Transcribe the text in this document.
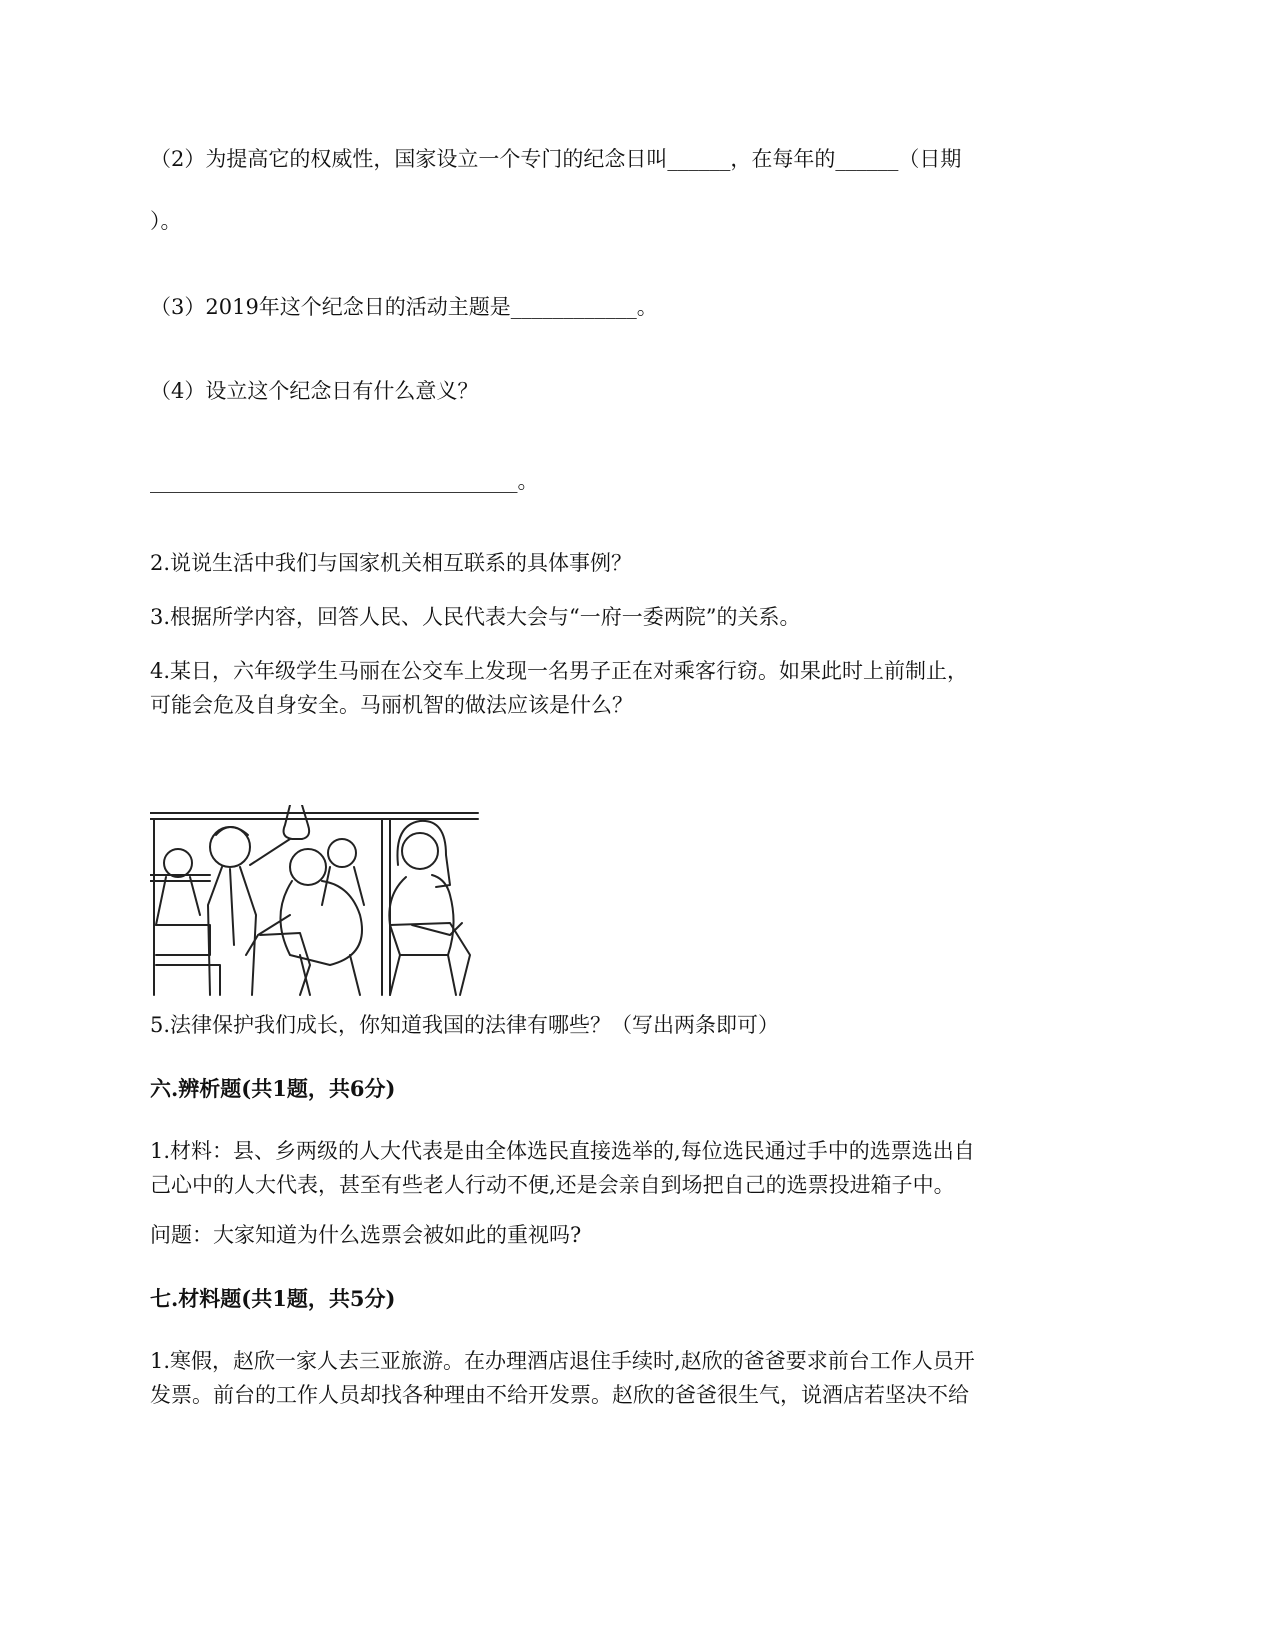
（2）为提高它的权威性，国家设立一个专门的纪念日叫______，在每年的______（日期
）。
（3）2019年这个纪念日的活动主题是____________。
（4）设立这个纪念日有什么意义？
___________________________________。
2.说说生活中我们与国家机关相互联系的具体事例？
3.根据所学内容，回答人民、人民代表大会与“一府一委两院”的关系。
4.某日，六年级学生马丽在公交车上发现一名男子正在对乘客行窃。如果此时上前制止，
可能会危及自身安全。马丽机智的做法应该是什么？
5.法律保护我们成长，你知道我国的法律有哪些？（写出两条即可）
六.辨析题(共1题，共6分)
1.材料：县、乡两级的人大代表是由全体选民直接选举的,每位选民通过手中的选票选出自
己心中的人大代表，甚至有些老人行动不便,还是会亲自到场把自己的选票投进箱子中。
问题：大家知道为什么选票会被如此的重视吗?
七.材料题(共1题，共5分)
1.寒假，赵欣一家人去三亚旅游。在办理酒店退住手续时,赵欣的爸爸要求前台工作人员开
发票。前台的工作人员却找各种理由不给开发票。赵欣的爸爸很生气，说酒店若坚决不给
